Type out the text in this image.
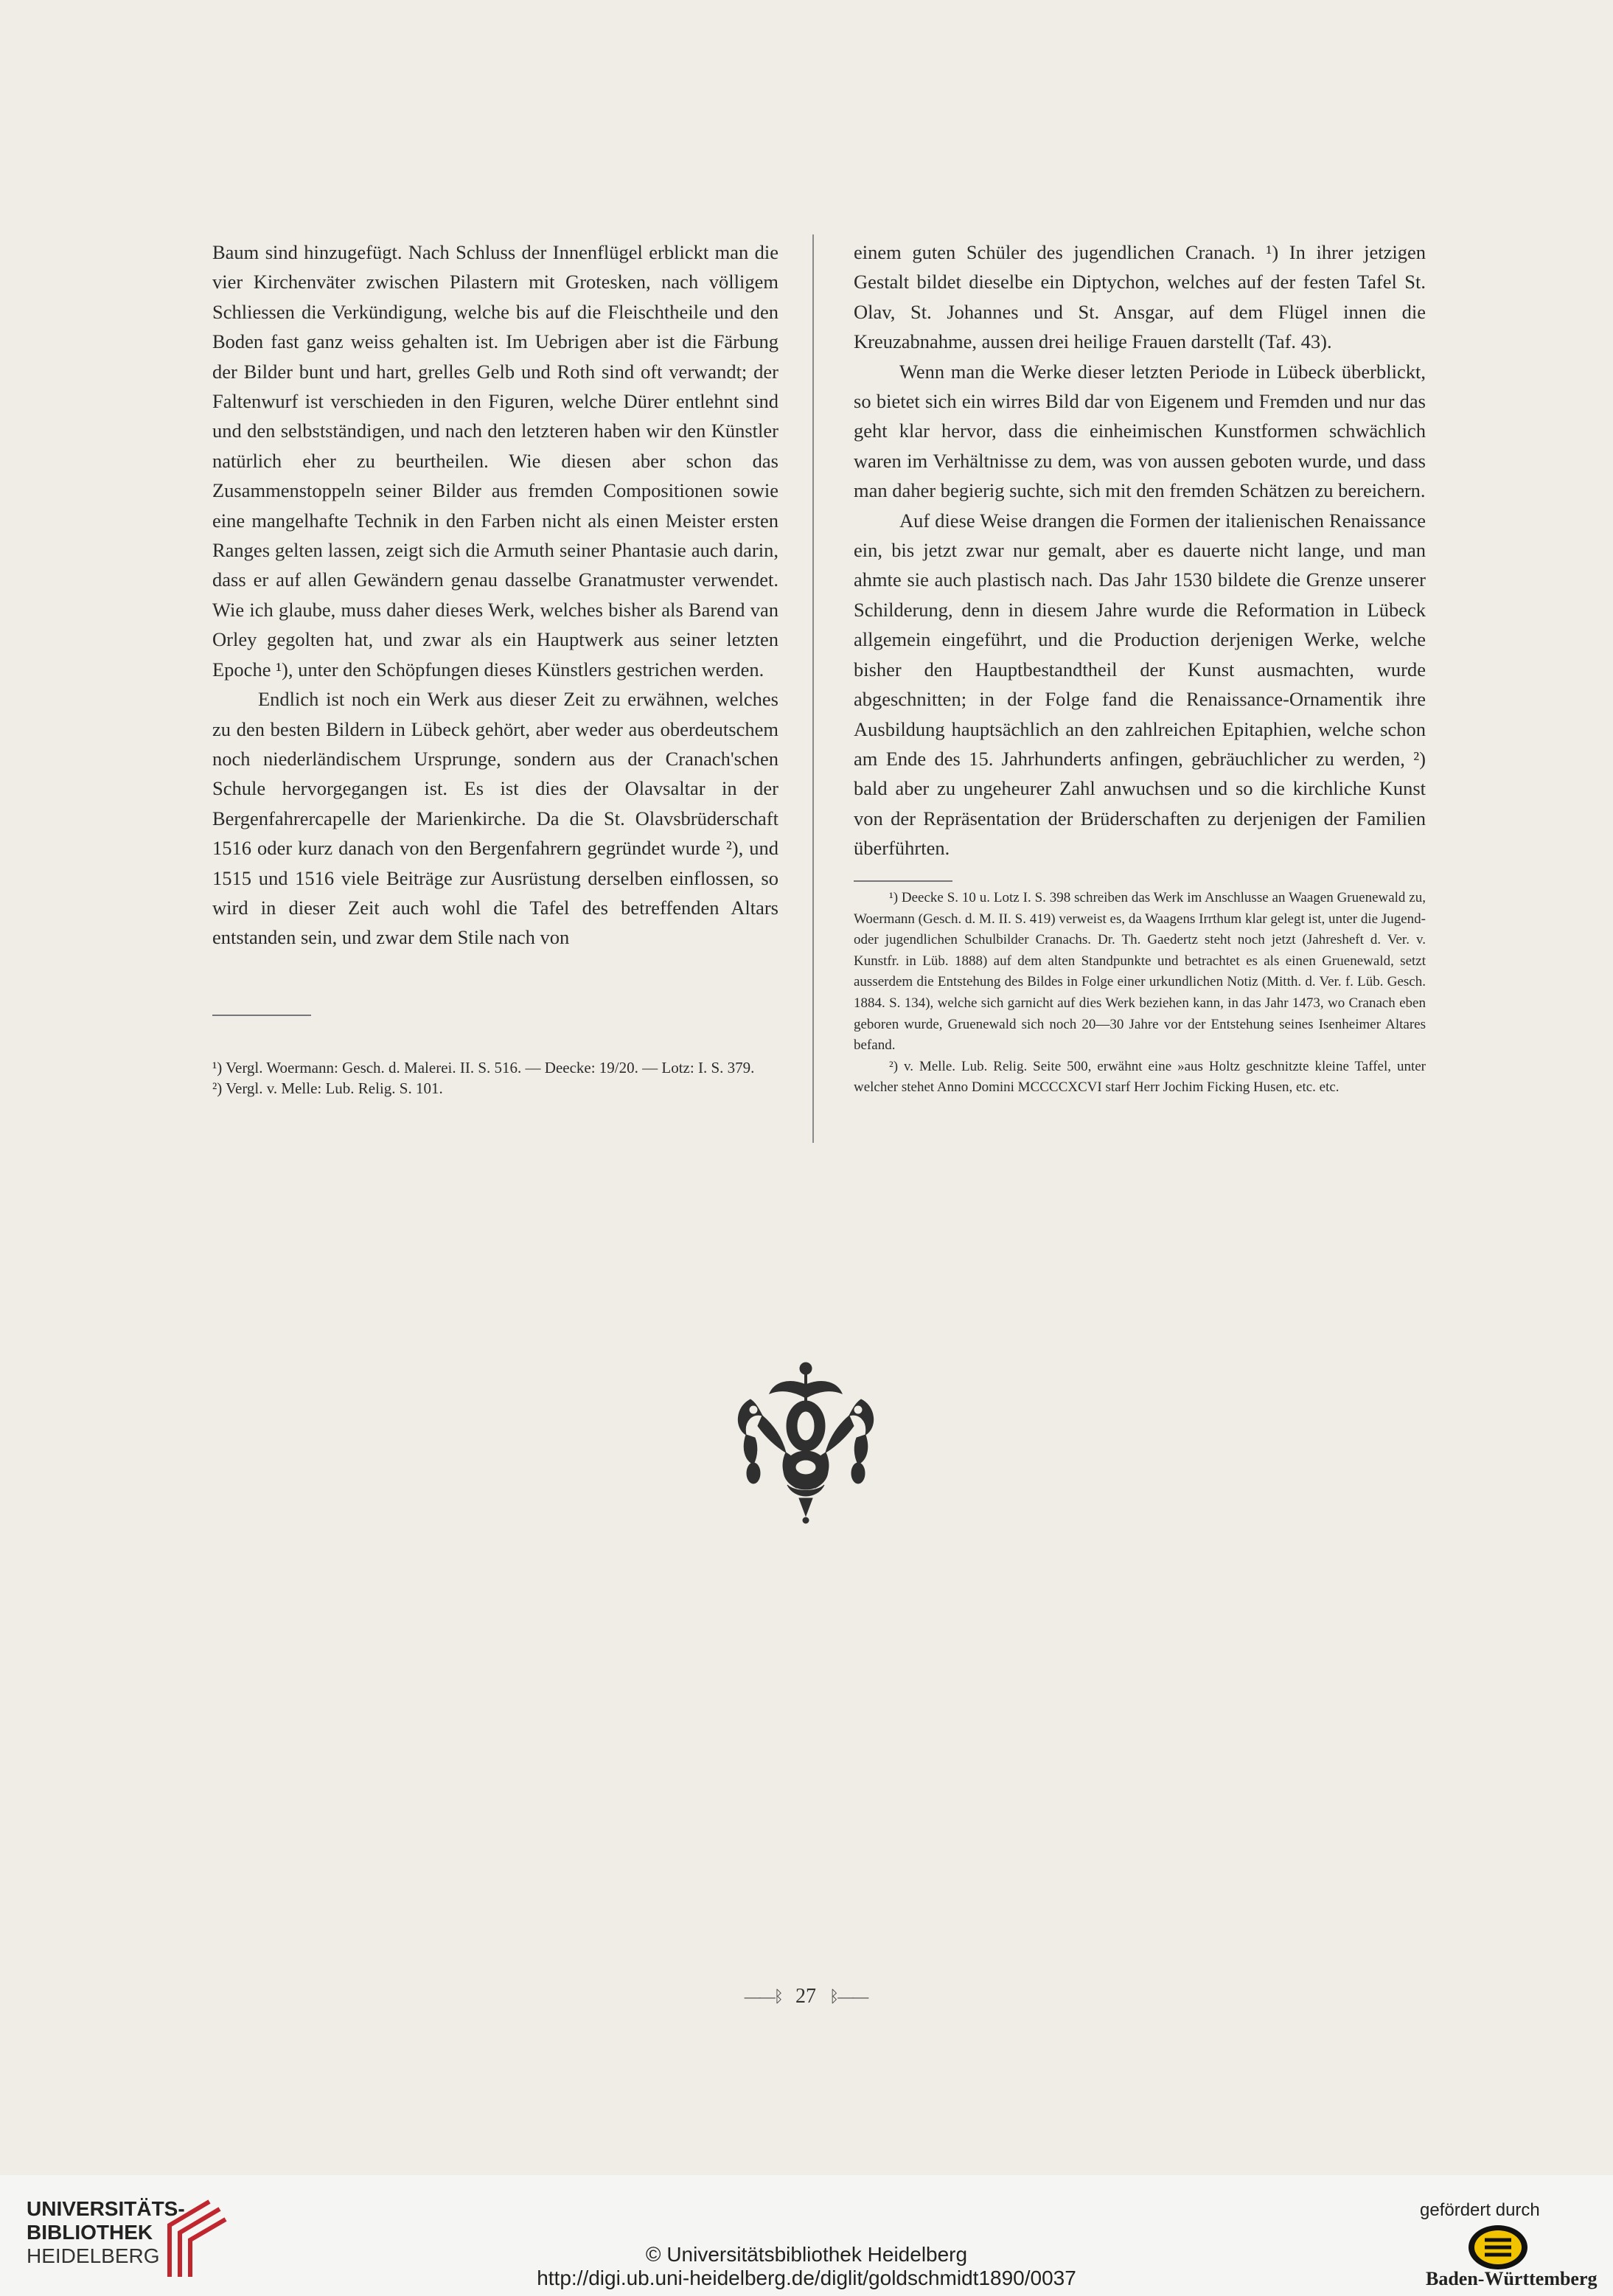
Baum sind hinzugefügt. Nach Schluss der Innenflügel erblickt man die vier Kirchenväter zwischen Pilastern mit Grotesken, nach völligem Schliessen die Verkündigung, welche bis auf die Fleischtheile und den Boden fast ganz weiss gehalten ist. Im Uebrigen aber ist die Färbung der Bilder bunt und hart, grelles Gelb und Roth sind oft verwandt; der Faltenwurf ist verschieden in den Figuren, welche Dürer entlehnt sind und den selbstständigen, und nach den letzteren haben wir den Künstler natürlich eher zu beurtheilen. Wie diesen aber schon das Zusammenstoppeln seiner Bilder aus fremden Compositionen sowie eine mangelhafte Technik in den Farben nicht als einen Meister ersten Ranges gelten lassen, zeigt sich die Armuth seiner Phantasie auch darin, dass er auf allen Gewändern genau dasselbe Granatmuster verwendet. Wie ich glaube, muss daher dieses Werk, welches bisher als Barend van Orley gegolten hat, und zwar als ein Hauptwerk aus seiner letzten Epoche ¹), unter den Schöpfungen dieses Künstlers gestrichen werden.

Endlich ist noch ein Werk aus dieser Zeit zu erwähnen, welches zu den besten Bildern in Lübeck gehört, aber weder aus oberdeutschem noch niederländischem Ursprunge, sondern aus der Cranach'schen Schule hervorgegangen ist. Es ist dies der Olavsaltar in der Bergenfahrercapelle der Marienkirche. Da die St. Olavsbrüderschaft 1516 oder kurz danach von den Bergenfahrern gegründet wurde ²), und 1515 und 1516 viele Beiträge zur Ausrüstung derselben einflossen, so wird in dieser Zeit auch wohl die Tafel des betreffenden Altars entstanden sein, und zwar dem Stile nach von

¹) Vergl. Woermann: Gesch. d. Malerei. II. S. 516. — Deecke: 19/20. — Lotz: I. S. 379.
²) Vergl. v. Melle: Lub. Relig. S. 101.

einem guten Schüler des jugendlichen Cranach. ¹) In ihrer jetzigen Gestalt bildet dieselbe ein Diptychon, welches auf der festen Tafel St. Olav, St. Johannes und St. Ansgar, auf dem Flügel innen die Kreuzabnahme, aussen drei heilige Frauen darstellt (Taf. 43).

Wenn man die Werke dieser letzten Periode in Lübeck überblickt, so bietet sich ein wirres Bild dar von Eigenem und Fremden und nur das geht klar hervor, dass die einheimischen Kunstformen schwächlich waren im Verhältnisse zu dem, was von aussen geboten wurde, und dass man daher begierig suchte, sich mit den fremden Schätzen zu bereichern.

Auf diese Weise drangen die Formen der italienischen Renaissance ein, bis jetzt zwar nur gemalt, aber es dauerte nicht lange, und man ahmte sie auch plastisch nach. Das Jahr 1530 bildete die Grenze unserer Schilderung, denn in diesem Jahre wurde die Reformation in Lübeck allgemein eingeführt, und die Production derjenigen Werke, welche bisher den Hauptbestandtheil der Kunst ausmachten, wurde abgeschnitten; in der Folge fand die Renaissance-Ornamentik ihre Ausbildung hauptsächlich an den zahlreichen Epitaphien, welche schon am Ende des 15. Jahrhunderts anfingen, gebräuchlicher zu werden, ²) bald aber zu ungeheurer Zahl anwuchsen und so die kirchliche Kunst von der Repräsentation der Brüderschaften zu derjenigen der Familien überführten.

¹) Deecke S. 10 u. Lotz I. S. 398 schreiben das Werk im Anschlusse an Waagen Gruenewald zu, Woermann (Gesch. d. M. II. S. 419) verweist es, da Waagens Irrthum klar gelegt ist, unter die Jugend- oder jugendlichen Schulbilder Cranachs. Dr. Th. Gaedertz steht noch jetzt (Jahresheft d. Ver. v. Kunstfr. in Lüb. 1888) auf dem alten Standpunkte und betrachtet es als einen Gruenewald, setzt ausserdem die Entstehung des Bildes in Folge einer urkundlichen Notiz (Mitth. d. Ver. f. Lüb. Gesch. 1884. S. 134), welche sich garnicht auf dies Werk beziehen kann, in das Jahr 1473, wo Cranach eben geboren wurde, Gruenewald sich noch 20—30 Jahre vor der Entstehung seines Isenheimer Altares befand.
²) v. Melle. Lub. Relig. Seite 500, erwähnt eine »aus Holtz geschnitzte kleine Taffel, unter welcher stehet Anno Domini MCCCCXCVI starf Herr Jochim Ficking Husen, etc. etc.
——ᛒ 27 ᛒ——
UNIVERSITÄTS-
BIBLIOTHEK
HEIDELBERG	© Universitätsbibliothek Heidelberg
http://digi.ub.uni-heidelberg.de/diglit/goldschmidt1890/0037
gefördert durch
Baden-Württemberg
